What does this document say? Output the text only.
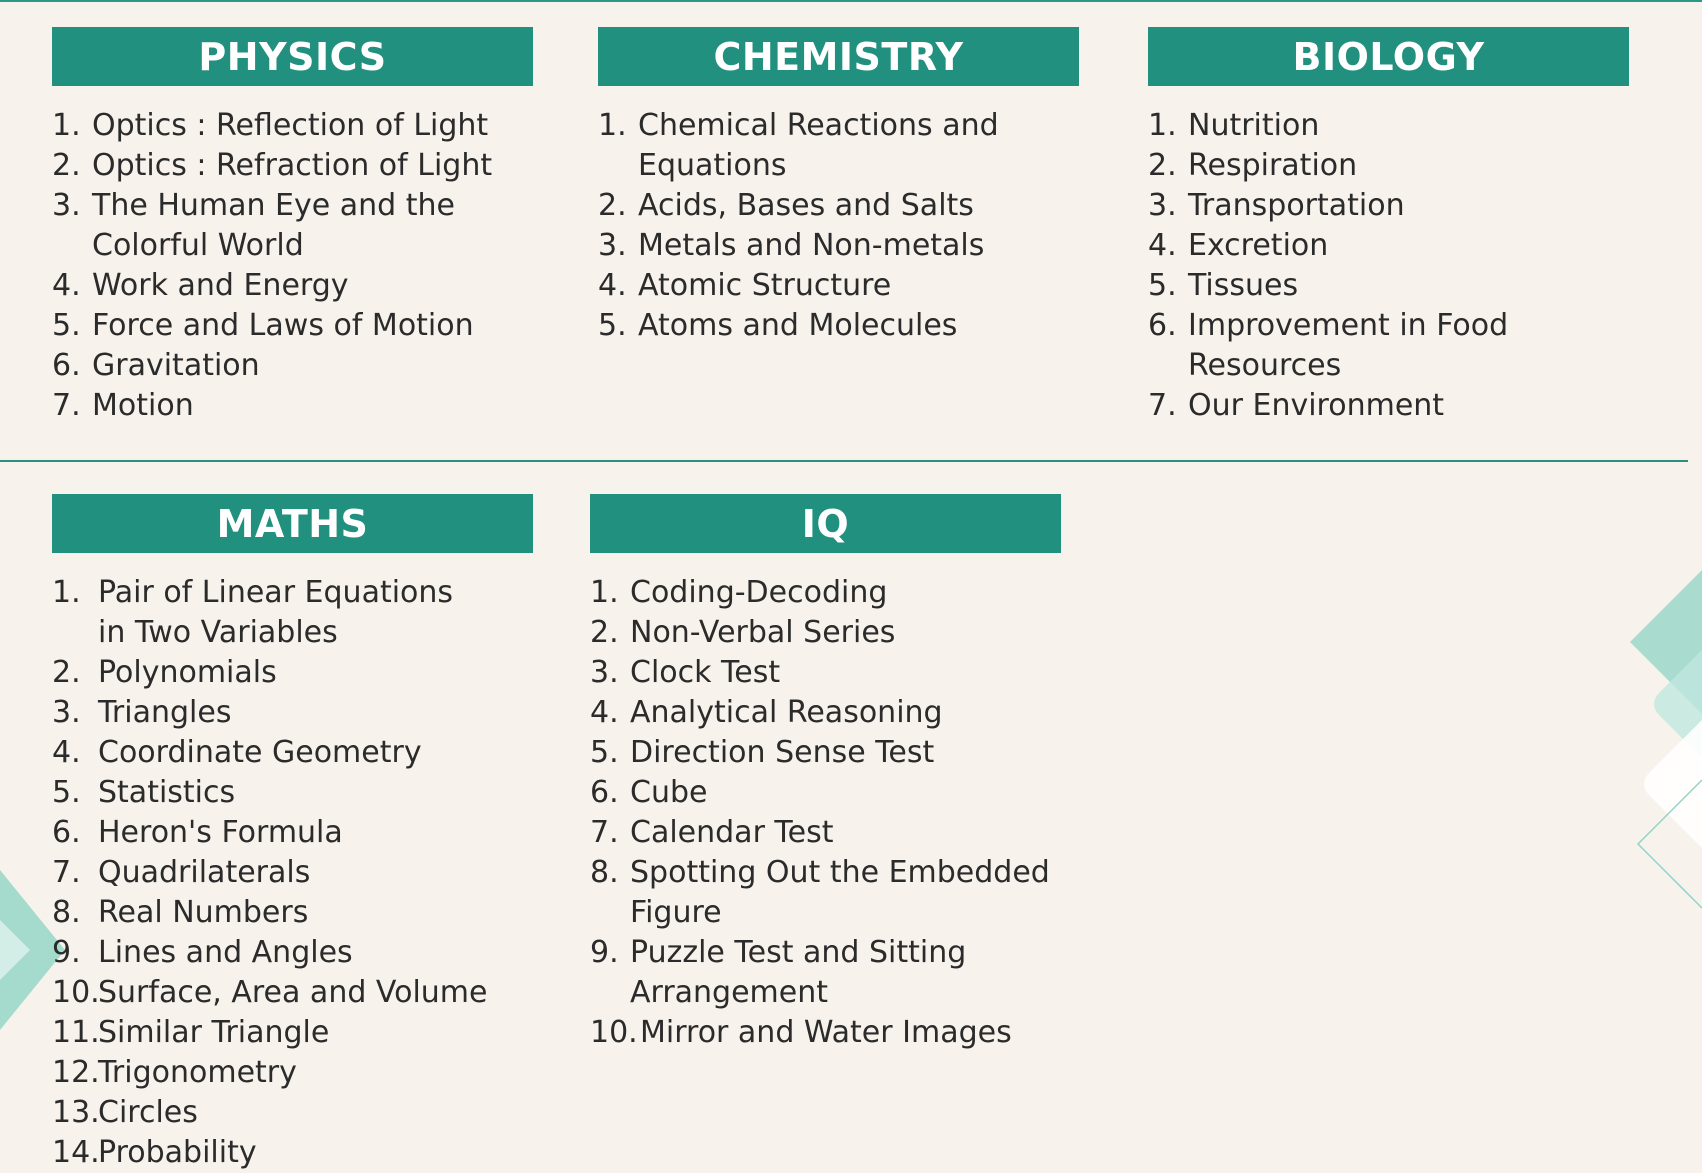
PHYSICS
1. Optics : Reflection of Light
2. Optics : Refraction of Light
3. The Human Eye and the
Colorful World
4. Work and Energy
5. Force and Laws of Motion
6. Gravitation
7. Motion
CHEMISTRY
1. Chemical Reactions and
Equations
2. Acids, Bases and Salts
3. Metals and Non-metals
4. Atomic Structure
5. Atoms and Molecules
BIOLOGY
1. Nutrition
2. Respiration
3. Transportation
4. Excretion
5. Tissues
6. Improvement in Food
Resources
7. Our Environment
MATHS
1. Pair of Linear Equations
in Two Variables
2. Polynomials
3. Triangles
4. Coordinate Geometry
5. Statistics
6. Heron's Formula
7. Quadrilaterals
8. Real Numbers
9. Lines and Angles
10.
Surface, Area and Volume
11.
Similar Triangle
12.
Trigonometry
13.
Circles
14.
Probability
IQ
1. Coding-Decoding
2. Non-Verbal Series
3. Clock Test
4. Analytical Reasoning
5. Direction Sense Test
6. Cube
7. Calendar Test
8. Spotting Out the Embedded
Figure
9. Puzzle Test and Sitting
Arrangement
10. Mirror and Water Images
